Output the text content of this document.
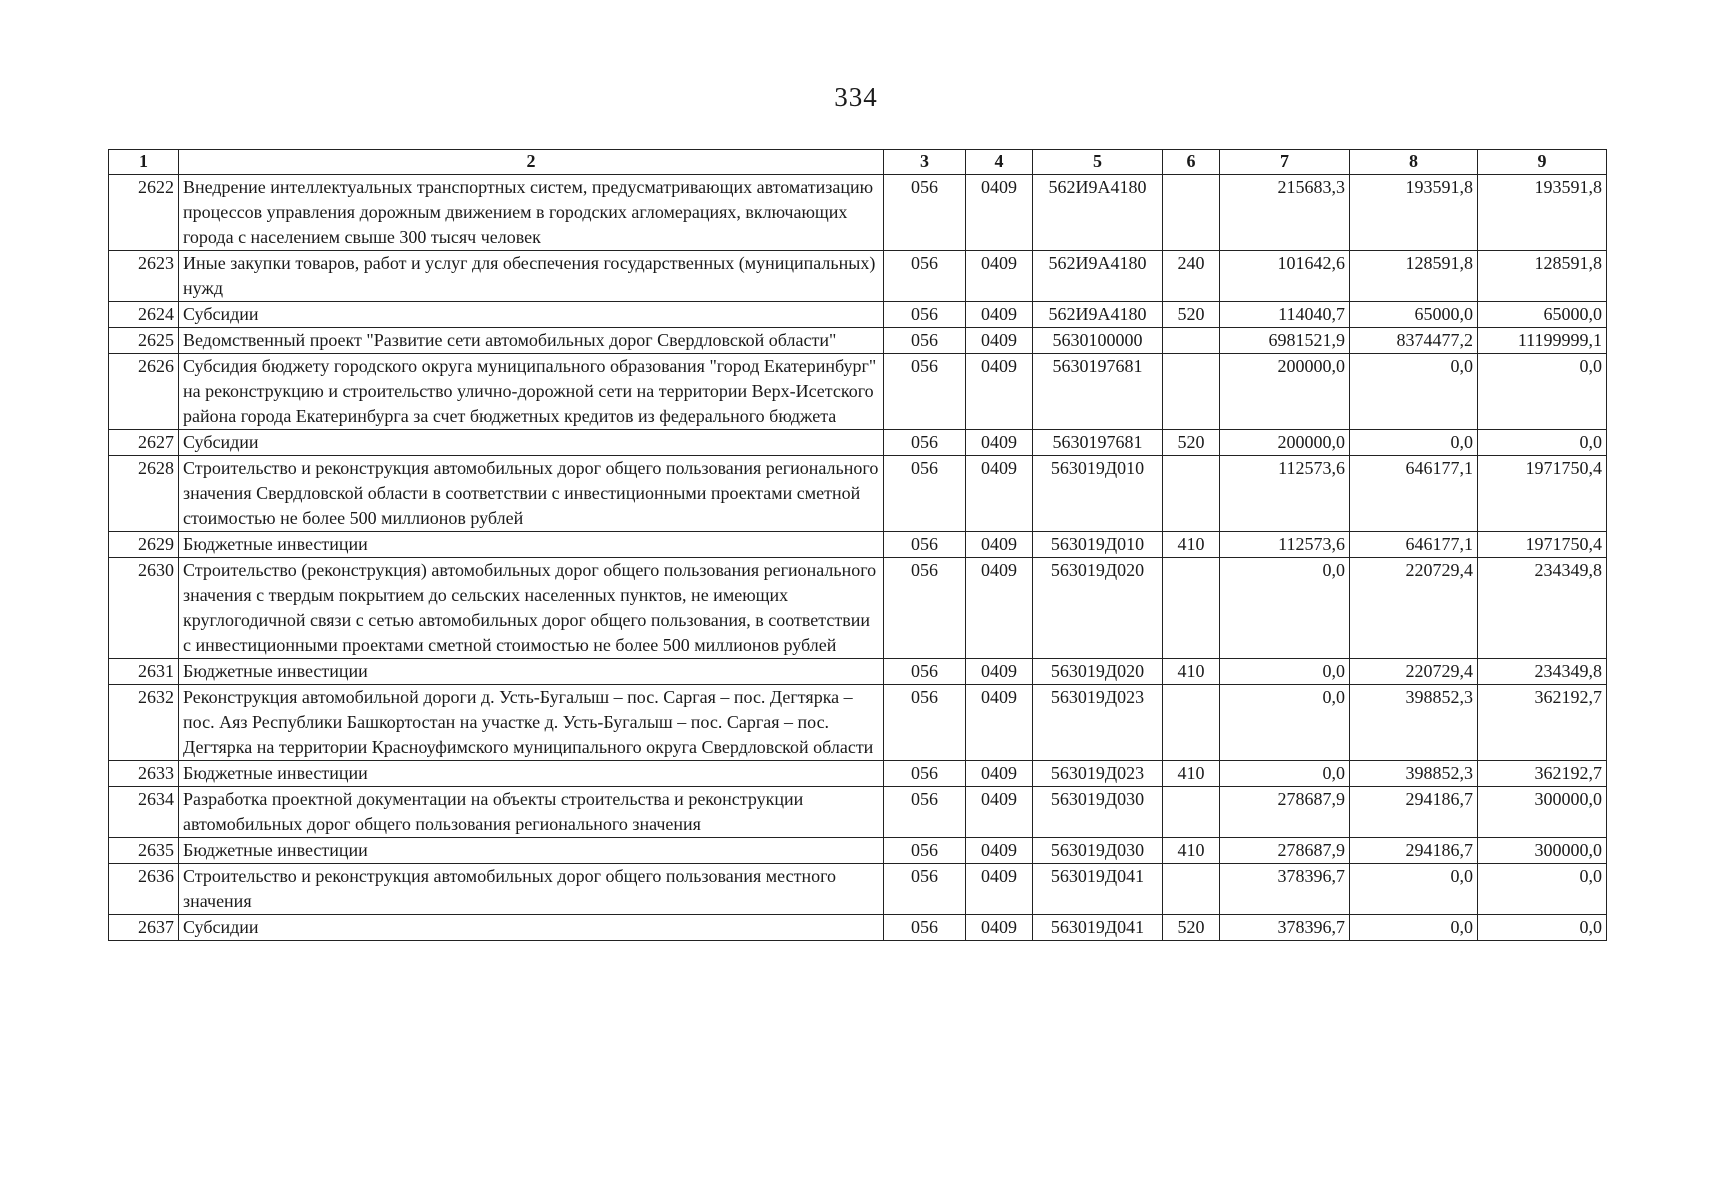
334
1	2	3	4	5	6	7	8	9
2622	Внедрение интеллектуальных транспортных систем, предусматривающих автоматизацию процессов управления дорожным движением в городских агломерациях, включающих города с населением свыше 300 тысяч человек	056	0409	562И9А4180		215683,3	193591,8	193591,8
2623	Иные закупки товаров, работ и услуг для обеспечения государственных (муниципальных) нужд	056	0409	562И9А4180	240	101642,6	128591,8	128591,8
2624	Субсидии	056	0409	562И9А4180	520	114040,7	65000,0	65000,0
2625	Ведомственный проект "Развитие сети автомобильных дорог Свердловской области"	056	0409	5630100000		6981521,9	8374477,2	11199999,1
2626	Субсидия бюджету городского округа муниципального образования "город Екатеринбург" на реконструкцию и строительство улично-дорожной сети на территории Верх-Исетского района города Екатеринбурга за счет бюджетных кредитов из федерального бюджета	056	0409	5630197681		200000,0	0,0	0,0
2627	Субсидии	056	0409	5630197681	520	200000,0	0,0	0,0
2628	Строительство и реконструкция автомобильных дорог общего пользования регионального значения Свердловской области в соответствии с инвестиционными проектами сметной стоимостью не более 500 миллионов рублей	056	0409	563019Д010		112573,6	646177,1	1971750,4
2629	Бюджетные инвестиции	056	0409	563019Д010	410	112573,6	646177,1	1971750,4
2630	Строительство (реконструкция) автомобильных дорог общего пользования регионального значения с твердым покрытием до сельских населенных пунктов, не имеющих круглогодичной связи с сетью автомобильных дорог общего пользования, в соответствии с инвестиционными проектами сметной стоимостью не более 500 миллионов рублей	056	0409	563019Д020		0,0	220729,4	234349,8
2631	Бюджетные инвестиции	056	0409	563019Д020	410	0,0	220729,4	234349,8
2632	Реконструкция автомобильной дороги д. Усть-Бугалыш – пос. Саргая – пос. Дегтярка – пос. Аяз Республики Башкортостан на участке д. Усть-Бугалыш – пос. Саргая – пос. Дегтярка на территории Красноуфимского муниципального округа Свердловской области	056	0409	563019Д023		0,0	398852,3	362192,7
2633	Бюджетные инвестиции	056	0409	563019Д023	410	0,0	398852,3	362192,7
2634	Разработка проектной документации на объекты строительства и реконструкции автомобильных дорог общего пользования регионального значения	056	0409	563019Д030		278687,9	294186,7	300000,0
2635	Бюджетные инвестиции	056	0409	563019Д030	410	278687,9	294186,7	300000,0
2636	Строительство и реконструкция автомобильных дорог общего пользования местного значения	056	0409	563019Д041		378396,7	0,0	0,0
2637	Субсидии	056	0409	563019Д041	520	378396,7	0,0	0,0
